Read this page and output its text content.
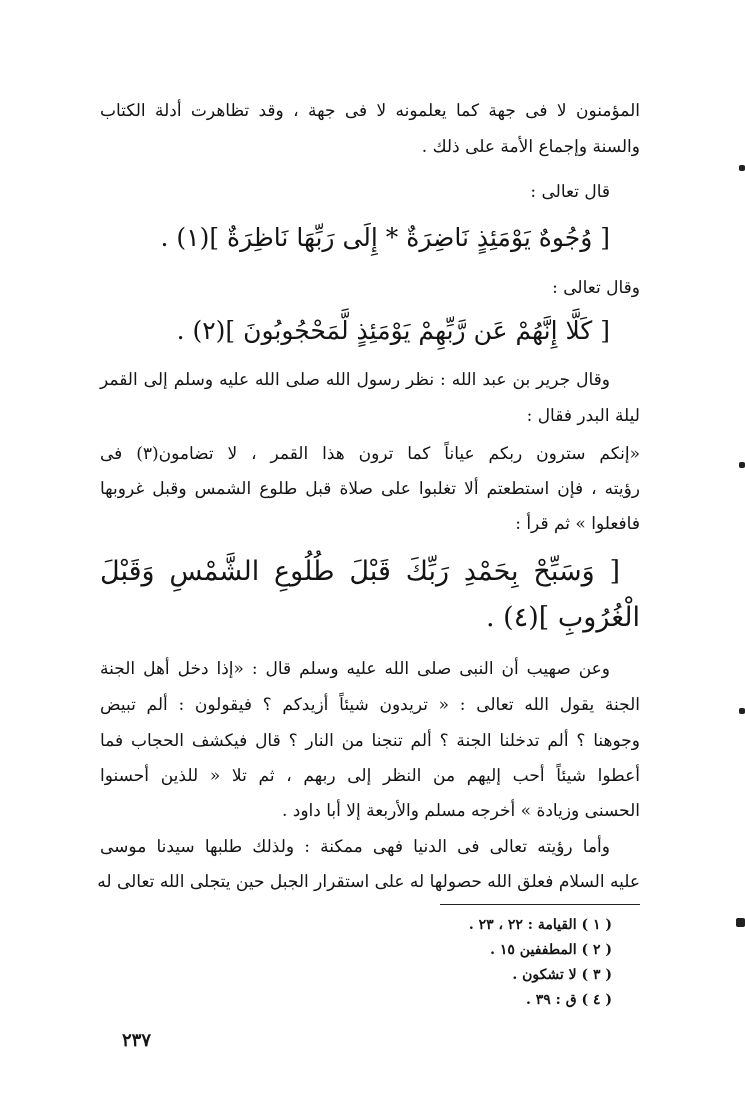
المؤمنون لا فى جهة كما يعلمونه لا فى جهة ، وقد تظاهرت أدلة الكتاب
والسنة وإجماع الأمة على ذلك .
قال تعالى :
[ وُجُوهٌ يَوْمَئِذٍ نَاضِرَةٌ * إِلَى رَبِّهَا نَاظِرَةٌ ](١) .
وقال تعالى :
[ كَلَّا إِنَّهُمْ عَن رَّبِّهِمْ يَوْمَئِذٍ لَّمَحْجُوبُونَ ](٢) .
وقال جرير بن عبد الله : نظر رسول الله صلى الله عليه وسلم إلى القمر
ليلة البدر فقال :
«إنكم سترون ربكم عياناً كما ترون هذا القمر ، لا تضامون(٣) فى
رؤيته ، فإن استطعتم ألا تغلبوا على صلاة قبل طلوع الشمس وقبل غروبها
فافعلوا » ثم قرأ :
[ وَسَبِّحْ بِحَمْدِ رَبِّكَ قَبْلَ طُلُوعِ الشَّمْسِ وَقَبْلَ
الْغُرُوبِ ](٤) .
وعن صهيب أن النبى صلى الله عليه وسلم قال : «إذا دخل أهل الجنة
الجنة يقول الله تعالى : « تريدون شيئاً أزيدكم ؟ فيقولون : ألم تبيض
وجوهنا ؟ ألم تدخلنا الجنة ؟ ألم تنجنا من النار ؟ قال فيكشف الحجاب فما
أعطوا شيئاً أحب إليهم من النظر إلى ربهم ، ثم تلا « للذين أحسنوا
الحسنى وزيادة » أخرجه مسلم والأربعة إلا أبا داود .
وأما رؤيته تعالى فى الدنيا فهى ممكنة : ولذلك طلبها سيدنا موسى
عليه السلام فعلق الله حصولها له على استقرار الجبل حين يتجلى الله تعالى له
( ١ ) القيامة : ٢٢ ، ٢٣ .
( ٢ ) المطففين ١٥ .
( ٣ ) لا تشكون .
( ٤ ) ق : ٣٩ .
٢٣٧
